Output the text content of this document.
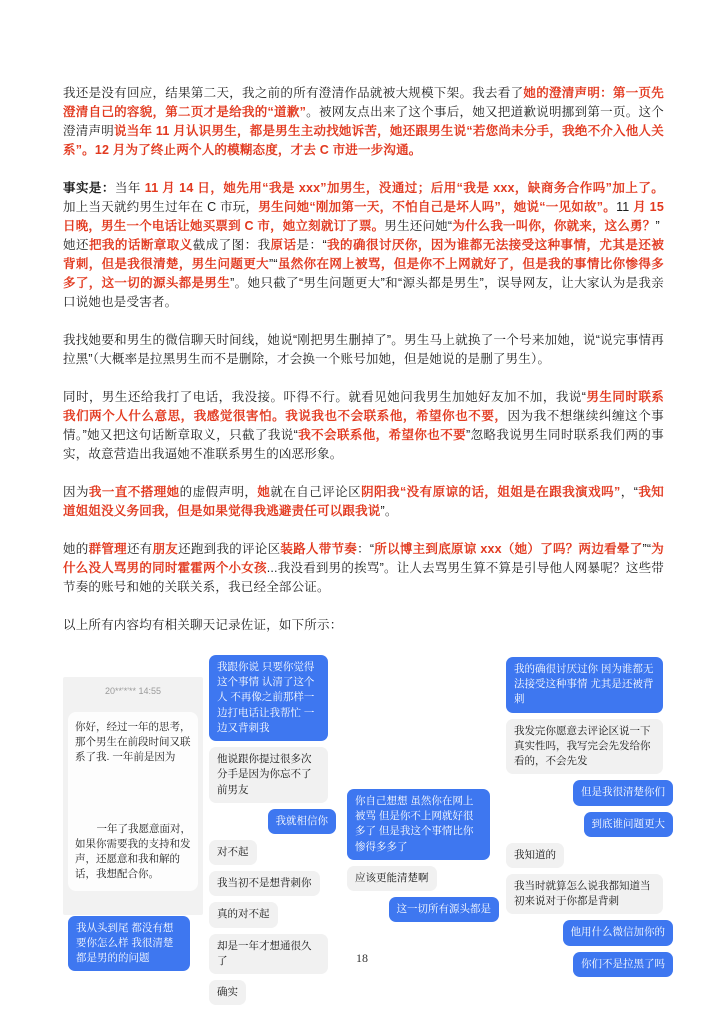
我还是没有回应，结果第二天，我之前的所有澄清作品就被大规模下架。我去看了她的澄清声明：第一页先澄清自己的容貌，第二页才是给我的“道歉”。被网友点出来了这个事后，她又把道歉说明挪到第一页。这个澄清声明说当年 11 月认识男生，都是男生主动找她诉苦，她还跟男生说“若您尚未分手，我绝不介入他人关系”。12 月为了终止两个人的模糊态度，才去 C 市进一步沟通。

事实是：当年 11 月 14 日，她先用“我是 xxx”加男生，没通过；后用“我是 xxx，缺商务合作吗”加上了。加上当天就约男生过年在 C 市玩，男生问她“刚加第一天，不怕自己是坏人吗”，她说“一见如故”。11 月 15 日晚，男生一个电话让她买票到 C 市，她立刻就订了票。男生还问她“为什么我一叫你，你就来，这么勇？”
她还把我的话断章取义截成了图：我原话是：“我的确很讨厌你，因为谁都无法接受这种事情，尤其是还被背刺，但是我很清楚，男生问题更大”“虽然你在网上被骂，但是你不上网就好了，但是我的事情比你惨得多多了，这一切的源头都是男生”。她只截了“男生问题更大”和“源头都是男生”，误导网友，让大家认为是我亲口说她也是受害者。

我找她要和男生的微信聊天时间线，她说“刚把男生删掉了”。男生马上就换了一个号来加她，说“说完事情再拉黑”（大概率是拉黑男生而不是删除，才会换一个账号加她，但是她说的是删了男生）。

同时，男生还给我打了电话，我没接。吓得不行。就看见她问我男生加她好友加不加，我说“男生同时联系我们两个人什么意思，我感觉很害怕。我说我也不会联系他，希望你也不要，因为我不想继续纠缠这个事情。”她又把这句话断章取义，只截了我说“我不会联系他，希望你也不要”忽略我说男生同时联系我们两的事实，故意营造出我逼她不准联系男生的凶恶形象。

因为我一直不搭理她的虚假声明，她就在自己评论区阴阳我“没有原谅的话，姐姐是在跟我演戏吗”，“我知道姐姐没义务回我，但是如果觉得我逃避责任可以跟我说”。

她的群管理还有朋友还跑到我的评论区装路人带节奏：“所以博主到底原谅 xxx（她）了吗？两边看晕了”“为什么没人骂男的同时霍霍两个小女孩...我没看到男的挨骂”。让人去骂男生算不算是引导他人网暴呢？这些带节奏的账号和她的关联关系，我已经全部公证。

以上所有内容均有相关聊天记录佐证，如下所示：

20**'*'** 14:55
你好，经过一年的思考，那个男生在前段时间又联系了我. 一年前是因为
一年了我愿意面对，
如果你需要我的支持和发声，还愿意和我和解的话，我想配合你。
我从头到尾 都没有想要你怎么样 我很清楚都是男的的问题
我跟你说 只要你觉得这个事情 认清了这个人 不再像之前那样一边打电话让我帮忙 一边又背刺我
他说跟你提过很多次分手是因为你忘不了前男友
我就相信你
对不起
我当初不是想背刺你
真的对不起
却是一年才想通很久了
确实
你自己想想 虽然你在网上被骂 但是你不上网就好很多了 但是我这个事情比你惨得多多了
应该更能清楚啊
这一切所有源头都是
我的确很讨厌过你 因为谁都无法接受这种事情 尤其是还被背刺
我发完你愿意去评论区说一下真实性吗，我写完会先发给你看的，不会先发
但是我很清楚你们
到底谁问题更大
我知道的
我当时就算怎么说我都知道当初来说对于你都是背刺
他用什么微信加你的
你们不是拉黑了吗
18
